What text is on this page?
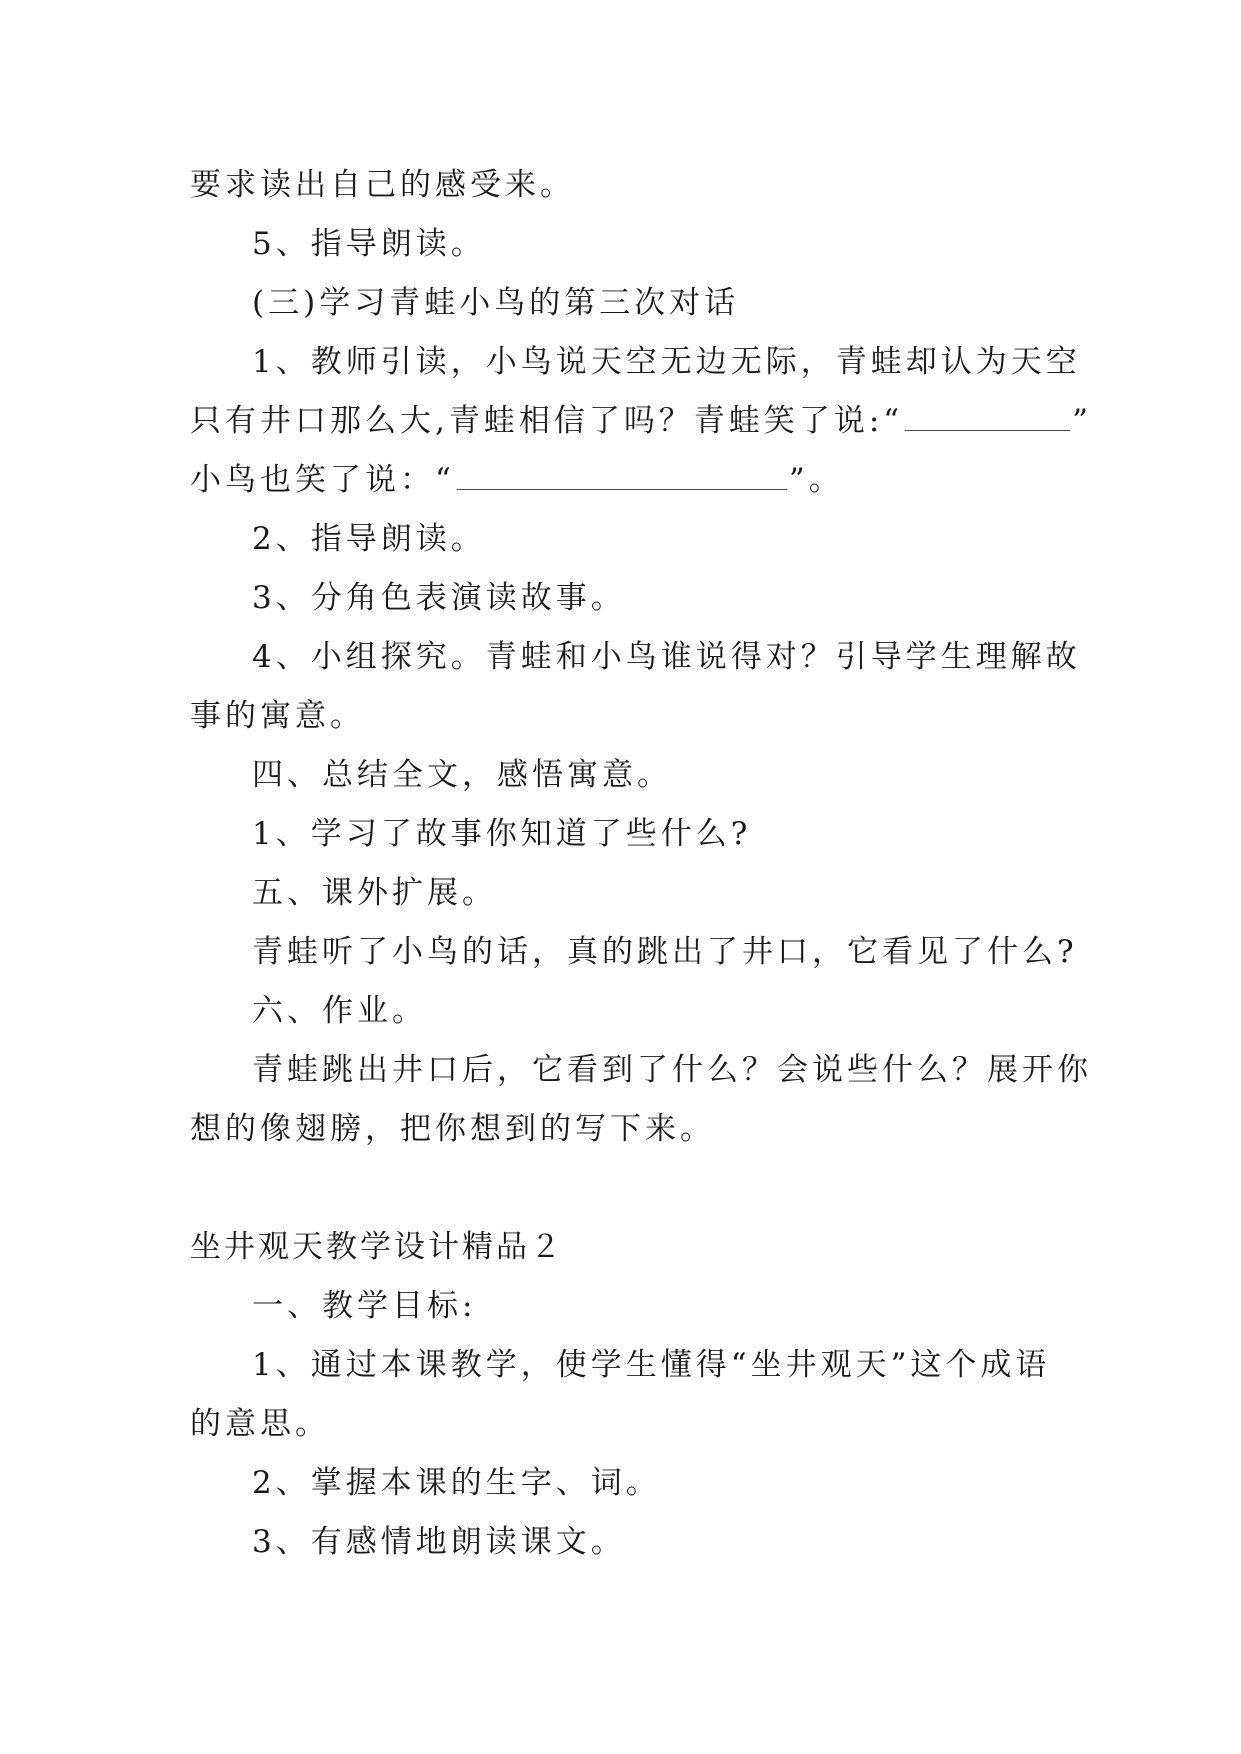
要求读出自己的感受来。
5、指导朗读。
(三)学习青蛙小鸟的第三次对话
1、教师引读，小鸟说天空无边无际，青蛙却认为天空
只有井口那么大,青蛙相信了吗？青蛙笑了说:“	”
小鸟也笑了说：“	”。
2、指导朗读。
3、分角色表演读故事。
4、小组探究。青蛙和小鸟谁说得对？引导学生理解故
事的寓意。
四、总结全文，感悟寓意。
1、学习了故事你知道了些什么?
五、课外扩展。
青蛙听了小鸟的话，真的跳出了井口，它看见了什么?
六、作业。
青蛙跳出井口后，它看到了什么？会说些什么？展开你
想的像翅膀，把你想到的写下来。
坐井观天教学设计精品２
一、教学目标:
1、通过本课教学，使学生懂得“坐井观天”这个成语
的意思。
2、掌握本课的生字、词。
3、有感情地朗读课文。
